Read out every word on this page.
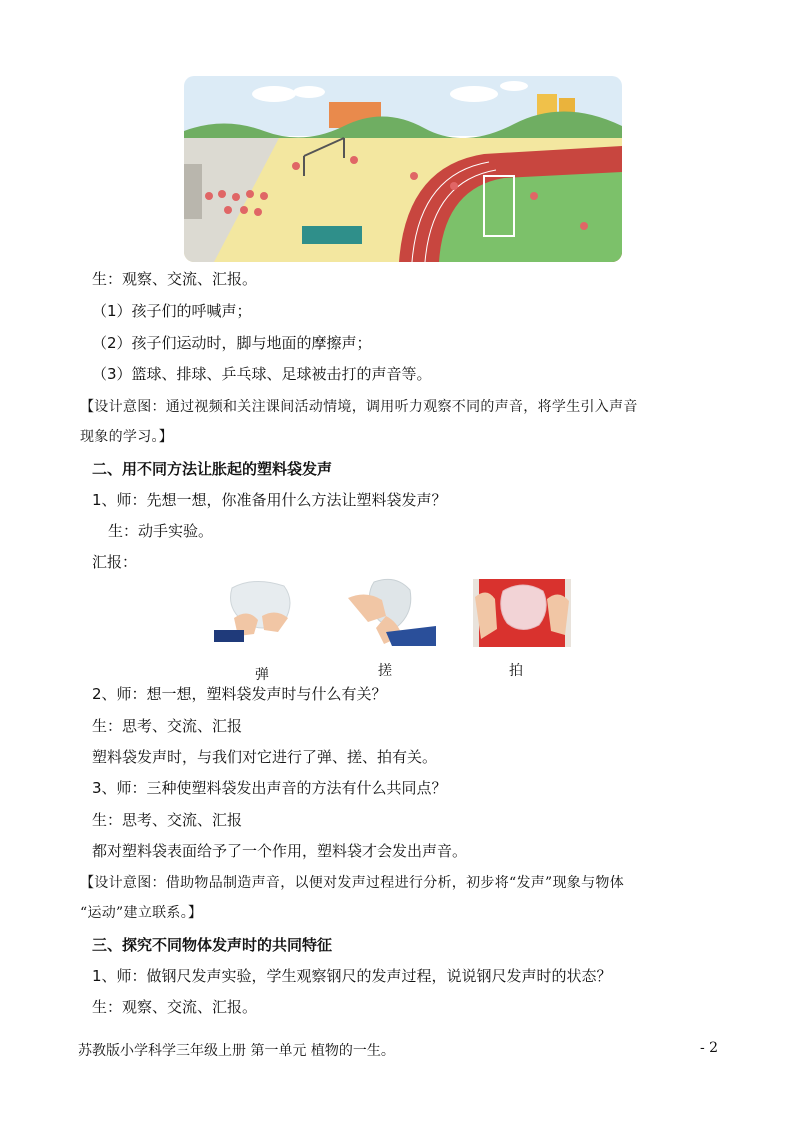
生：观察、交流、汇报。
（1）孩子们的呼喊声；
（2）孩子们运动时，脚与地面的摩擦声；
（3）篮球、排球、乒乓球、足球被击打的声音等。
【设计意图：通过视频和关注课间活动情境，调用听力观察不同的声音，将学生引入声音
现象的学习。】
二、用不同方法让胀起的塑料袋发声
1、师：先想一想，你准备用什么方法让塑料袋发声？
生：动手实验。
汇报：
弹	搓	拍
2、师：想一想，塑料袋发声时与什么有关？
生：思考、交流、汇报
塑料袋发声时，与我们对它进行了弹、搓、拍有关。
3、师：三种使塑料袋发出声音的方法有什么共同点？
生：思考、交流、汇报
都对塑料袋表面给予了一个作用，塑料袋才会发出声音。
【设计意图：借助物品制造声音，以便对发声过程进行分析，初步将“发声”现象与物体
“运动”建立联系。】
三、探究不同物体发声时的共同特征
1、师：做钢尺发声实验，学生观察钢尺的发声过程，说说钢尺发声时的状态？
生：观察、交流、汇报。
苏教版小学科学三年级上册 第一单元 植物的一生。	- 2
